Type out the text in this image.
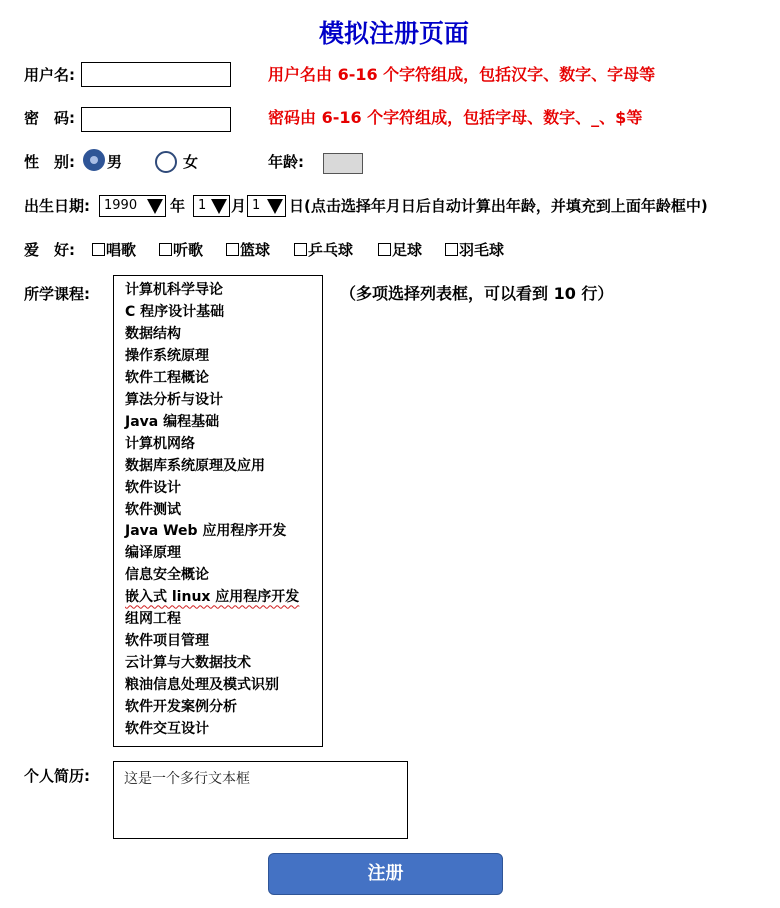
模拟注册页面
用户名:	用户名由 6-16 个字符组成，包括汉字、数字、字母等
密　码:	密码由 6-16 个字符组成，包括字母、数字、_、$等
性　别: 男	女	年龄:
出生日期:	1990	年 1	月 1	日 (点击选择年月日后自动计算出年龄，并填充到上面年龄框中)
爱　好:	唱歌	听歌	篮球	乒乓球	足球	羽毛球
所学课程:	计算机科学导论
C 程序设计基础
数据结构
操作系统原理
软件工程概论
算法分析与设计
Java 编程基础
计算机网络
数据库系统原理及应用
软件设计
软件测试
Java Web 应用程序开发
编译原理
信息安全概论
嵌入式 linux 应用程序开发
组网工程
软件项目管理
云计算与大数据技术
粮油信息处理及模式识别
软件开发案例分析
软件交互设计
（多项选择列表框，可以看到 10 行）
个人简历:	这是一个多行文本框
注册
